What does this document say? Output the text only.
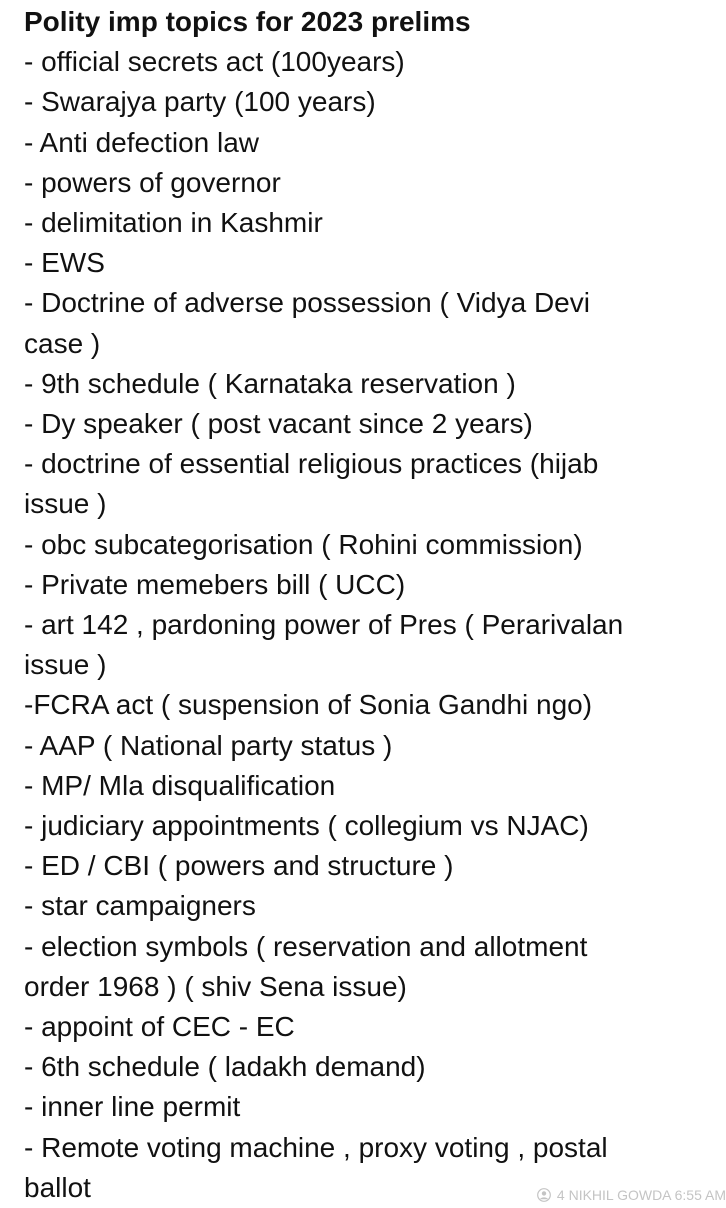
Polity imp topics for 2023 prelims
- official secrets act (100years)
- Swarajya party (100 years)
- Anti defection law
- powers of governor
- delimitation in Kashmir
- EWS
- Doctrine of adverse possession ( Vidya Devi
case )
- 9th schedule ( Karnataka reservation )
- Dy speaker ( post vacant since 2 years)
- doctrine of essential religious practices (hijab
issue )
- obc subcategorisation ( Rohini commission)
- Private memebers bill ( UCC)
- art 142 , pardoning power of Pres ( Perarivalan
issue )
-FCRA act ( suspension of Sonia Gandhi ngo)
- AAP ( National party status )
- MP/ Mla disqualification
- judiciary appointments ( collegium vs NJAC)
- ED / CBI ( powers and structure )
- star campaigners
- election symbols ( reservation and allotment
order 1968 ) ( shiv Sena issue)
- appoint of CEC - EC
- 6th schedule ( ladakh demand)
- inner line permit
- Remote voting machine , proxy voting , postal
ballot	4 NIKHIL GOWDA 6:55 AM
